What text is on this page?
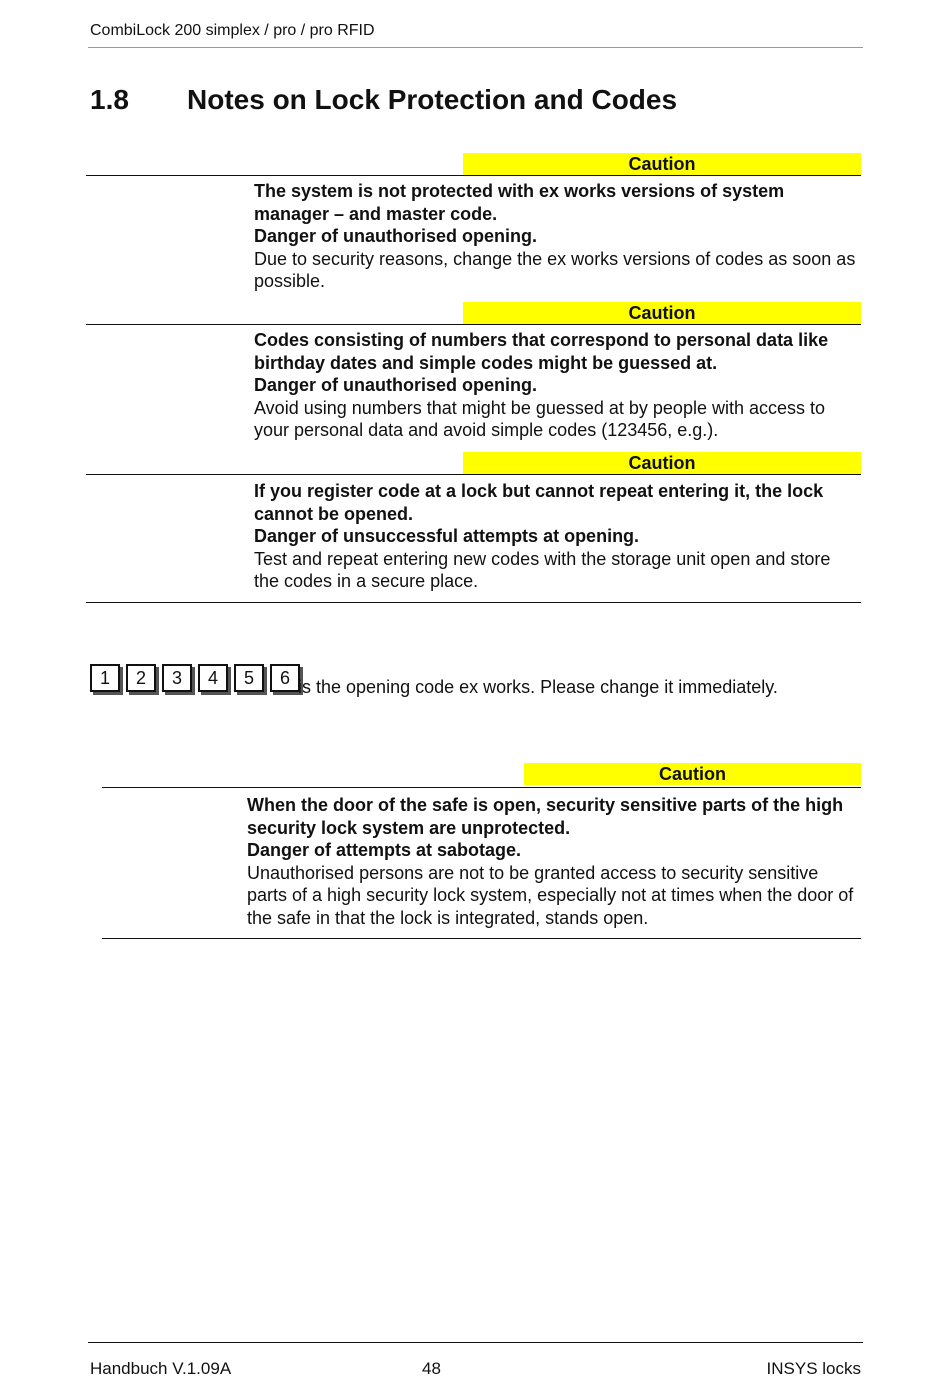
CombiLock 200 simplex / pro / pro RFID
1.8 Notes on Lock Protection and Codes
Caution
The system is not protected with ex works versions of system manager – and master code.
Danger of unauthorised opening.
Due to security reasons, change the ex works versions of codes as soon as possible.
Caution
Codes consisting of numbers that correspond to personal data like birthday dates and simple codes might be guessed at.
Danger of unauthorised opening.
Avoid using numbers that might be guessed at by people with access to your personal data and avoid simple codes (123456, e.g.).
Caution
If you register code at a lock but cannot repeat entering it, the lock cannot be opened.
Danger of unsuccessful attempts at opening.
Test and repeat entering new codes with the storage unit open and store the codes in a secure place.
1	2	3	4	5	6 is the opening code ex works. Please change it immediately.
Caution
When the door of the safe is open, security sensitive parts of the high security lock system are unprotected.
Danger of attempts at sabotage.
Unauthorised persons are not to be granted access to security sensitive parts of a high security lock system, especially not at times when the door of the safe in that the lock is integrated, stands open.
Handbuch V.1.09A	48	INSYS locks
